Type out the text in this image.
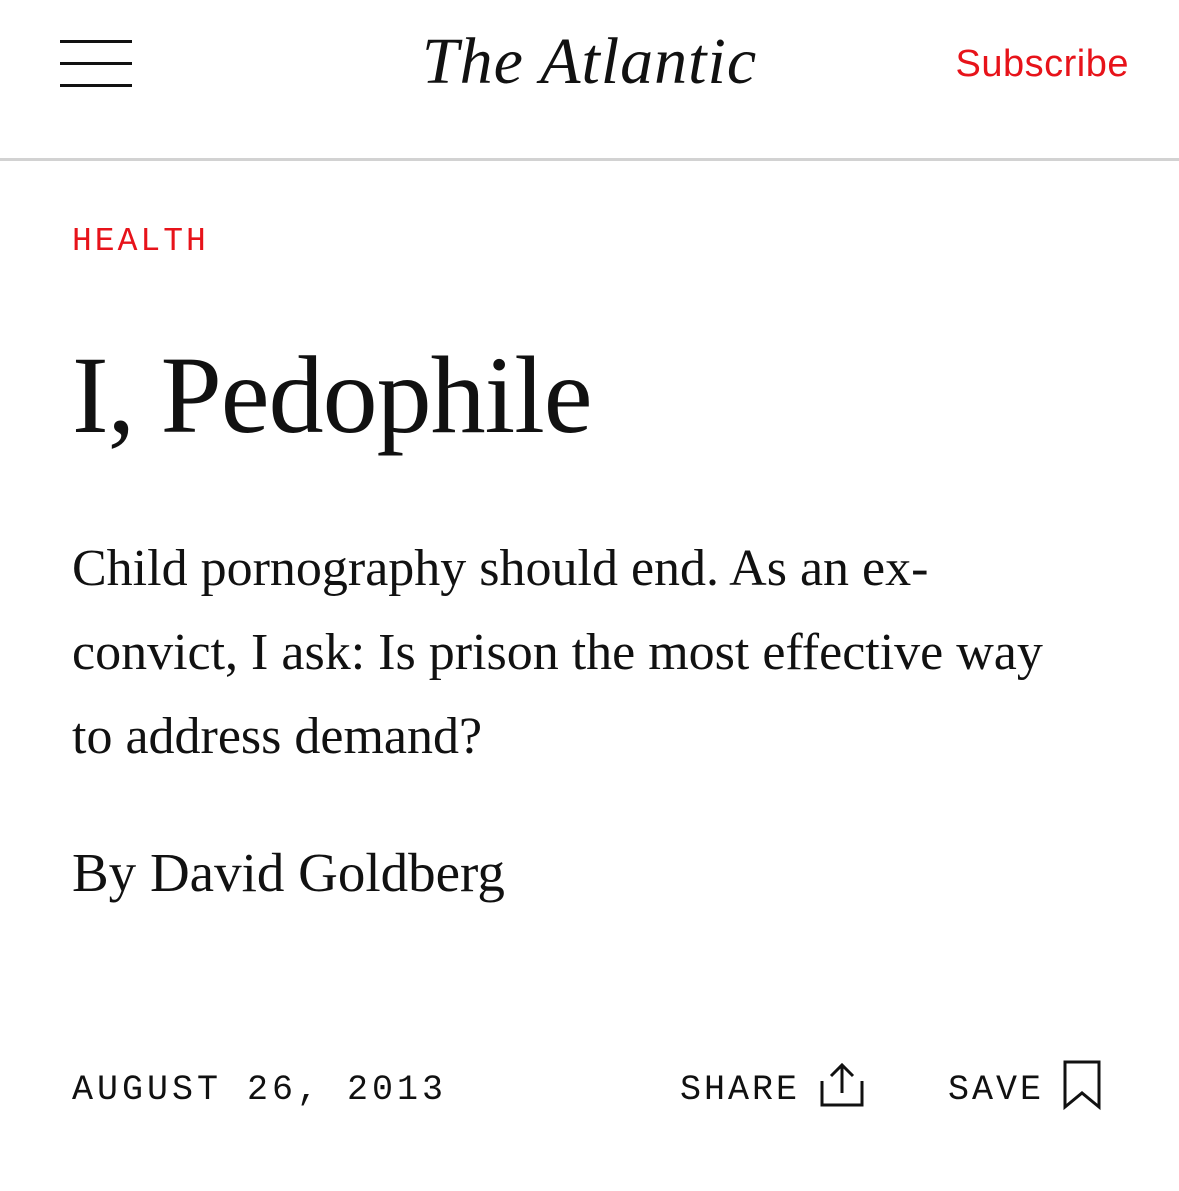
The Atlantic	Subscribe
HEALTH
I, Pedophile

Child pornography should end. As an ex-convict, I ask: Is prison the most effective way to address demand?

By David Goldberg
AUGUST 26, 2013	SHARE	SAVE
